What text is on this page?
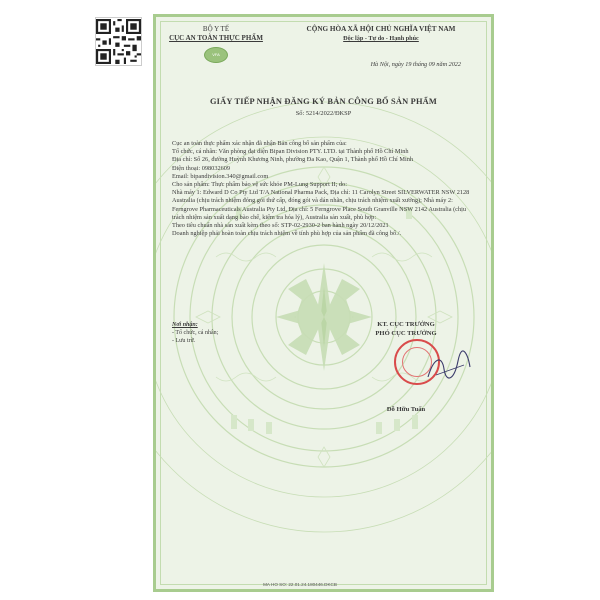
BỘ Y TẾ
CỤC AN TOÀN THỰC PHẨM
VFA
CỘNG HÒA XÃ HỘI CHỦ NGHĨA VIỆT NAM
Độc lập - Tự do - Hạnh phúc
Hà Nội, ngày 19 tháng 09 năm 2022
GIẤY TIẾP NHẬN ĐĂNG KÝ BẢN CÔNG BỐ SẢN PHẨM
Số: 5214/2022/ĐKSP

Cục an toàn thực phẩm xác nhận đã nhận Bản công bố sản phẩm của:

Tổ chức, cá nhân: Văn phòng đại diện Bipan Division PTY. LTD. tại Thành phố Hồ Chí Minh

Địa chỉ: Số 26, đường Huỳnh Khương Ninh, phường Đa Kao, Quận 1, Thành phố Hồ Chí Minh

Điện thoại: 098032609

Email: bipandivision.340@gmail.com

Cho sản phẩm: Thực phẩm bảo vệ sức khỏe PM-Lung Support II; do:

Nhà máy 1: Edward D Co Pty Ltd T/A National Pharma Pack, Địa chỉ: 11 Carolyn Street SILVERWATER NSW 2128 Australia (chịu trách nhiệm đóng gói thứ cấp, đóng gói và dán nhãn, chịu trách nhiệm xuất xưởng); Nhà máy 2: Ferngrove Pharmaceuticals Australia Pty Ltd, Địa chỉ: 5 Ferngrove Place South Granville NSW 2142 Australia (chịu trách nhiệm sản xuất dạng bào chế, kiểm tra hóa lý), Australia sản xuất, phù hợp:

Theo tiêu chuẩn nhà sản xuất kèm theo số: STP-02-2930-2 ban hành ngày 20/12/2021

Doanh nghiệp phải hoàn toàn chịu trách nhiệm về tính phù hợp của sản phẩm đã công bố./.

Nơi nhận:
- Tổ chức, cá nhân;
- Lưu trữ.
KT. CỤC TRƯỞNG
PHÓ CỤC TRƯỞNG
Đỗ Hữu Tuấn
MA HO SO: 22.01.24.180446.DKCB
